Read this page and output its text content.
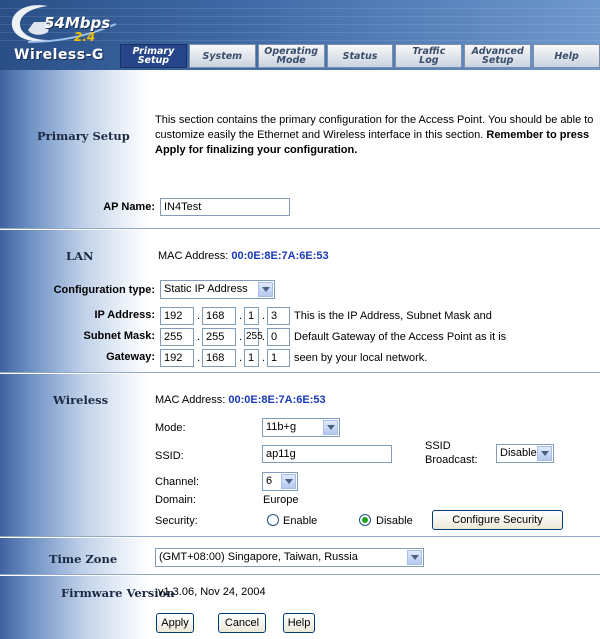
54Mbps
2.4
Wireless-G	Primary
Setup	System Operating
Mode	Status	Traffic
Log
Advanced
Setup	Help
Primary Setup
This section contains the primary configuration for the Access Point. You should be able to
customize easily the Ethernet and Wireless interface in this section. Remember to press
Apply for finalizing your configuration.
AP Name: IN4Test
LAN	MAC Address: 00:0E:8E:7A:6E:53
Configuration type: Static IP Address
IP Address: 192	. 168	. 1 . 3	This is the IP Address, Subnet Mask and
Subnet Mask: 255	. 255	. 255 . 0	Default Gateway of the Access Point as it is
Gateway: 192	. 168	. 1 . 1	seen by your local network.
Wireless	MAC Address: 00:0E:8E:7A:6E:53
Mode:	11b+g
SSID:	ap11g
SSID
Broadcast:
Disable
Channel:	6
Domain:	Europe
Security:	Enable	Disable	Configure Security
Time Zone	(GMT+08:00) Singapore, Taiwan, Russia
Firmware Version
v1.3.06, Nov 24, 2004
Apply	Cancel	Help
